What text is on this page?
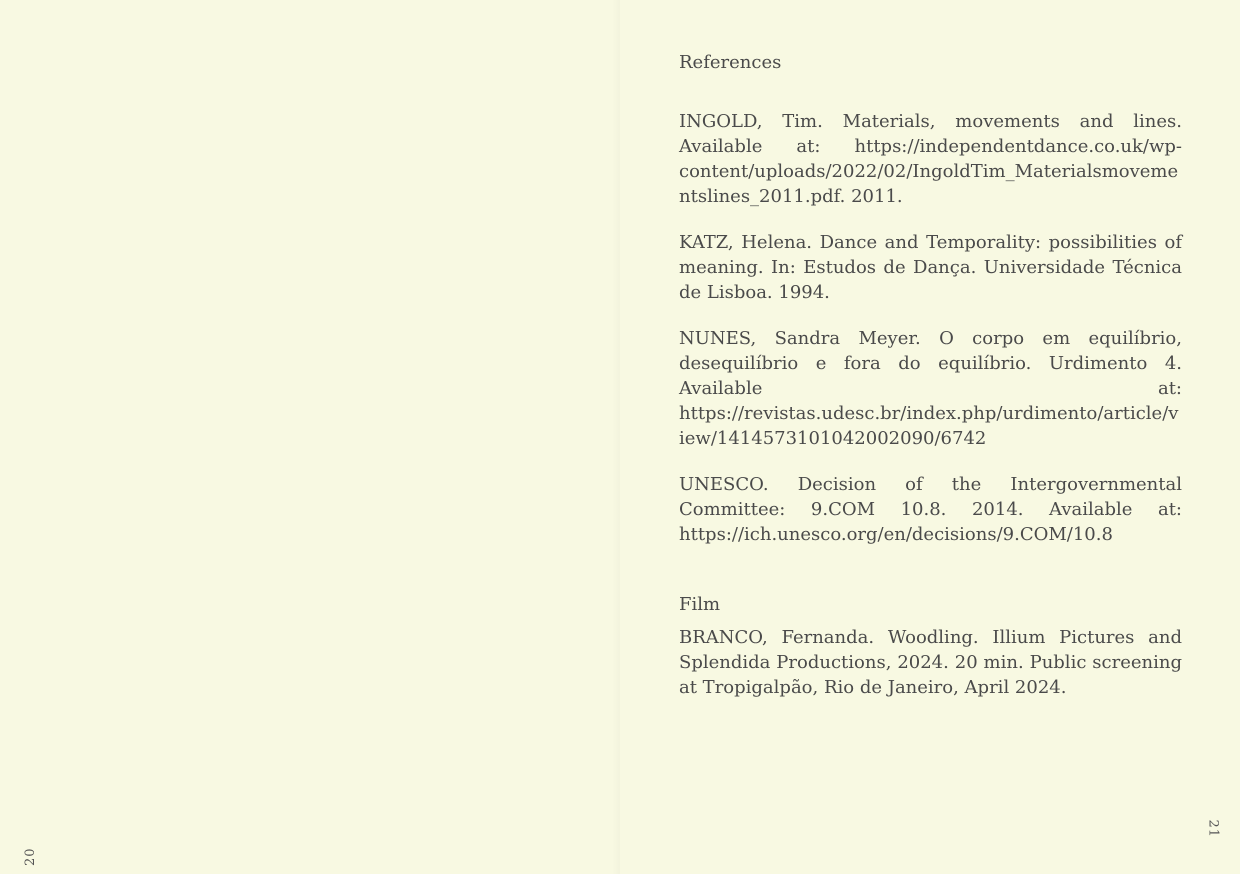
20
21
References

INGOLD, Tim. Materials, movements and lines. Available at: https://independentdance.co.uk/wp-content/uploads/2022/02/IngoldTim_Materialsmovementslines_2011.pdf. 2011.

KATZ, Helena. Dance and Temporality: possibilities of meaning. In: Estudos de Dança. Universidade Técnica de Lisboa. 1994.

NUNES, Sandra Meyer. O corpo em equilíbrio, desequilíbrio e fora do equilíbrio. Urdimento 4. Available at: https://revistas.udesc.br/index.php/urdimento/article/view/1414573101042002090/6742

UNESCO. Decision of the Intergovernmental Committee: 9.COM 10.8. 2014. Available at: https://ich.unesco.org/en/decisions/9.COM/10.8

Film

BRANCO, Fernanda. Woodling. Illium Pictures and Splendida Productions, 2024. 20 min. Public screening at Tropigalpão, Rio de Janeiro, April 2024.
